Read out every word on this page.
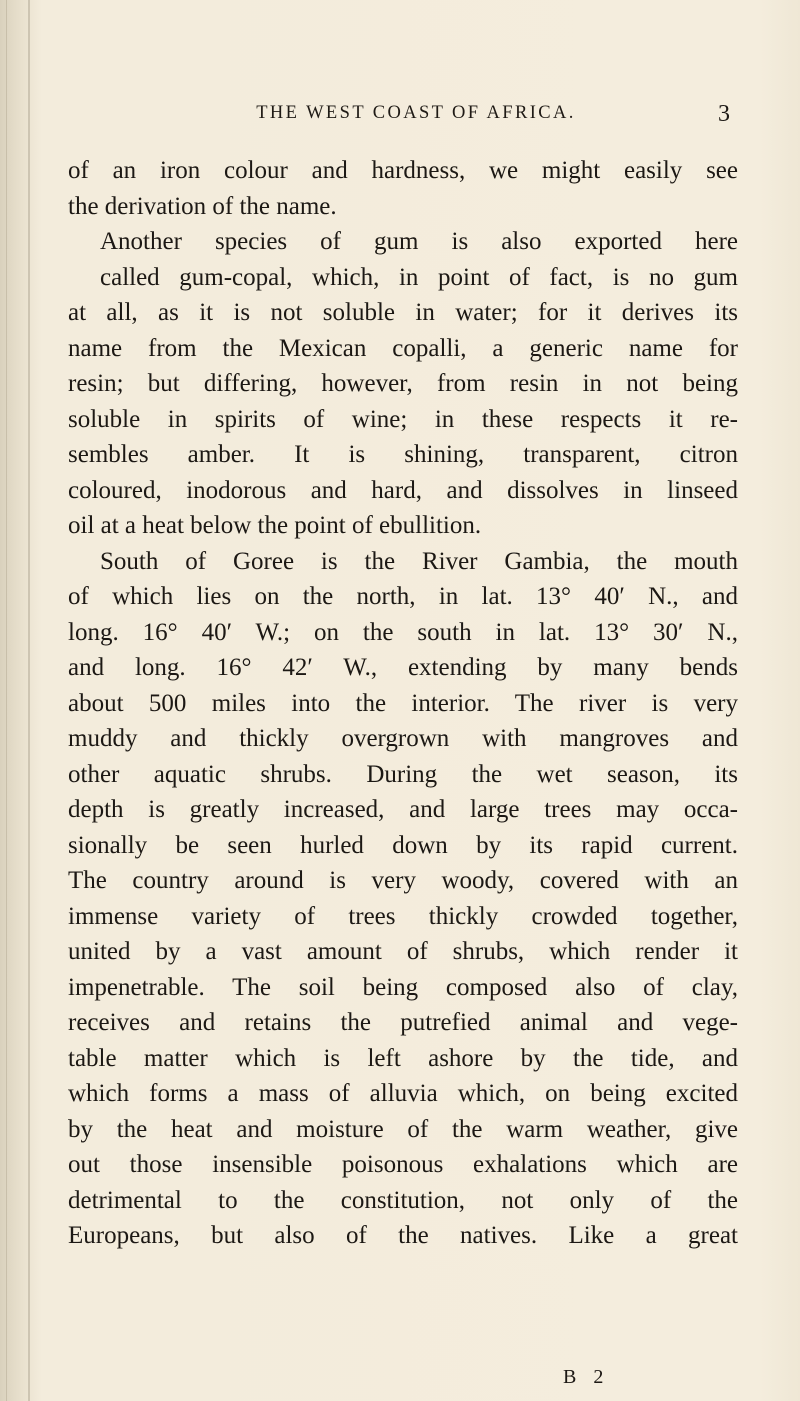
THE WEST COAST OF AFRICA.	3
of an iron colour and hardness, we might easily see
the derivation of the name.
Another species of gum is also exported here
called gum-copal, which, in point of fact, is no gum
at all, as it is not soluble in water; for it derives its
name from the Mexican copalli, a generic name for
resin; but differing, however, from resin in not being
soluble in spirits of wine; in these respects it re-
sembles amber. It is shining, transparent, citron
coloured, inodorous and hard, and dissolves in linseed
oil at a heat below the point of ebullition.
South of Goree is the River Gambia, the mouth
of which lies on the north, in lat. 13° 40′ N., and
long. 16° 40′ W.; on the south in lat. 13° 30′ N.,
and long. 16° 42′ W., extending by many bends
about 500 miles into the interior. The river is very
muddy and thickly overgrown with mangroves and
other aquatic shrubs. During the wet season, its
depth is greatly increased, and large trees may occa-
sionally be seen hurled down by its rapid current.
The country around is very woody, covered with an
immense variety of trees thickly crowded together,
united by a vast amount of shrubs, which render it
impenetrable. The soil being composed also of clay,
receives and retains the putrefied animal and vege-
table matter which is left ashore by the tide, and
which forms a mass of alluvia which, on being excited
by the heat and moisture of the warm weather, give
out those insensible poisonous exhalations which are
detrimental to the constitution, not only of the
Europeans, but also of the natives. Like a great
B 2
